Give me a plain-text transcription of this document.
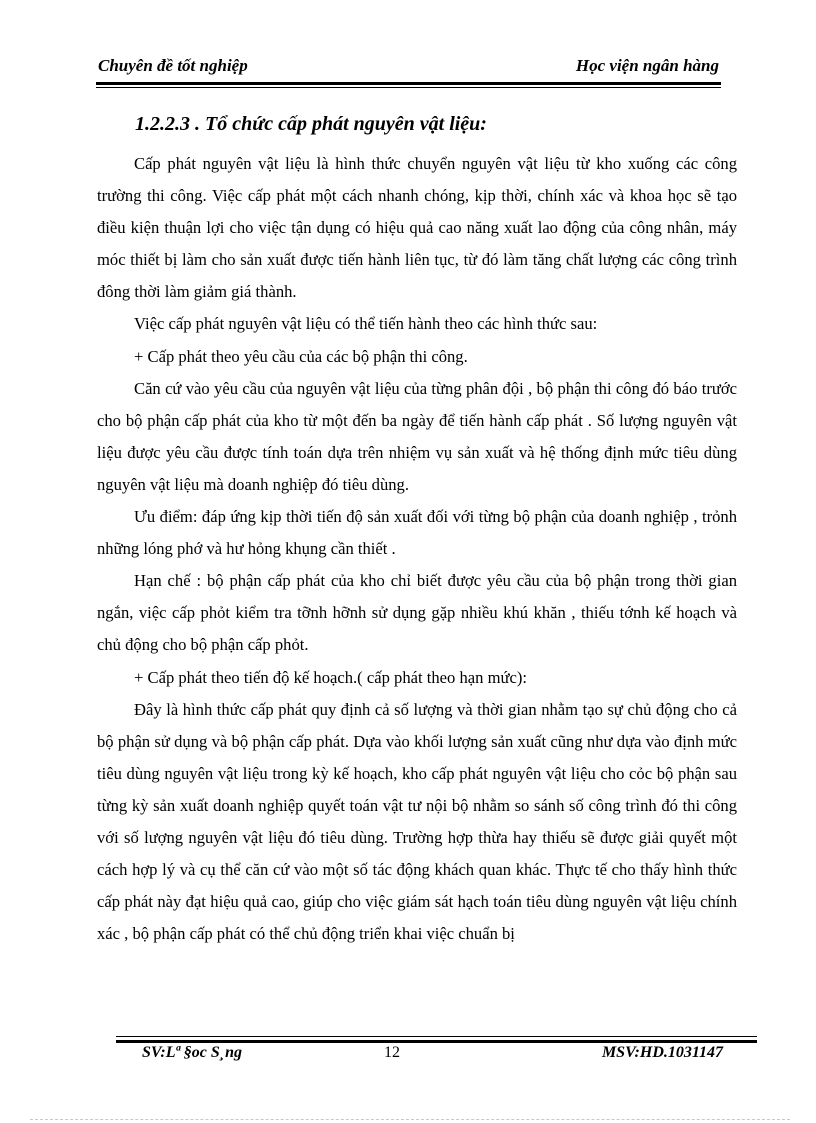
Chuyên đề tốt nghiệp	Học viện ngân hàng
1.2.2.3 . Tổ chức cấp phát nguyên vật liệu:

Cấp phát nguyên vật liệu là hình thức chuyển nguyên vật liệu từ kho xuống các công trường thi công. Việc cấp phát một cách nhanh chóng, kịp thời, chính xác và khoa học sẽ tạo điều kiện thuận lợi cho việc tận dụng có hiệu quả cao năng xuất lao động của công nhân, máy móc thiết bị làm cho sản xuất được tiến hành liên tục, từ đó làm tăng chất lượng các công trình đông thời làm giảm giá thành.

Việc cấp phát nguyên vật liệu có thể tiến hành theo các hình thức sau:

+ Cấp phát theo yêu cầu của các bộ phận thi công.

Căn cứ vào yêu cầu của nguyên vật liệu của từng phân đội , bộ phận thi công đó báo trước cho bộ phận cấp phát của kho từ một đến ba ngày để tiến hành cấp phát . Số lượng nguyên vật liệu được yêu cầu được tính toán dựa trên nhiệm vụ sản xuất và hệ thống định mức tiêu dùng nguyên vật liệu mà doanh nghiệp đó tiêu dùng.

Ưu điểm: đáp ứng kịp thời tiến độ sản xuất đối với từng bộ phận của doanh nghiệp , trỏnh những lóng phớ và hư hỏng khụng cần thiết .

Hạn chế : bộ phận cấp phát của kho chỉ biết được yêu cầu của bộ phận trong thời gian ngắn, việc cấp phỏt kiểm tra tỡnh hỡnh sử dụng gặp nhiều khú khăn , thiếu tớnh kế hoạch và chủ động cho bộ phận cấp phỏt.

+ Cấp phát theo tiến độ kế hoạch.( cấp phát theo hạn mức):

Đây là hình thức cấp phát quy định cả số lượng và thời gian nhằm tạo sự chủ động cho cả bộ phận sử dụng và bộ phận cấp phát. Dựa vào khối lượng sản xuất cũng như dựa vào định mức tiêu dùng nguyên vật liệu trong kỳ kế hoạch, kho cấp phát nguyên vật liệu cho cỏc bộ phận sau từng kỳ sản xuất doanh nghiệp quyết toán vật tư nội bộ nhằm so sánh số công trình đó thi công với số lượng nguyên vật liệu đó tiêu dùng. Trường hợp thừa hay thiếu sẽ được giải quyết một cách hợp lý và cụ thể căn cứ vào một số tác động khách quan khác. Thực tế cho thấy hình thức cấp phát này đạt hiệu quả cao, giúp cho việc giám sát hạch toán tiêu dùng nguyên vật liệu chính xác , bộ phận cấp phát có thể chủ động triển khai việc chuẩn bị

SV:Lª §oc S¸ng	12	MSV:HD.1031147
